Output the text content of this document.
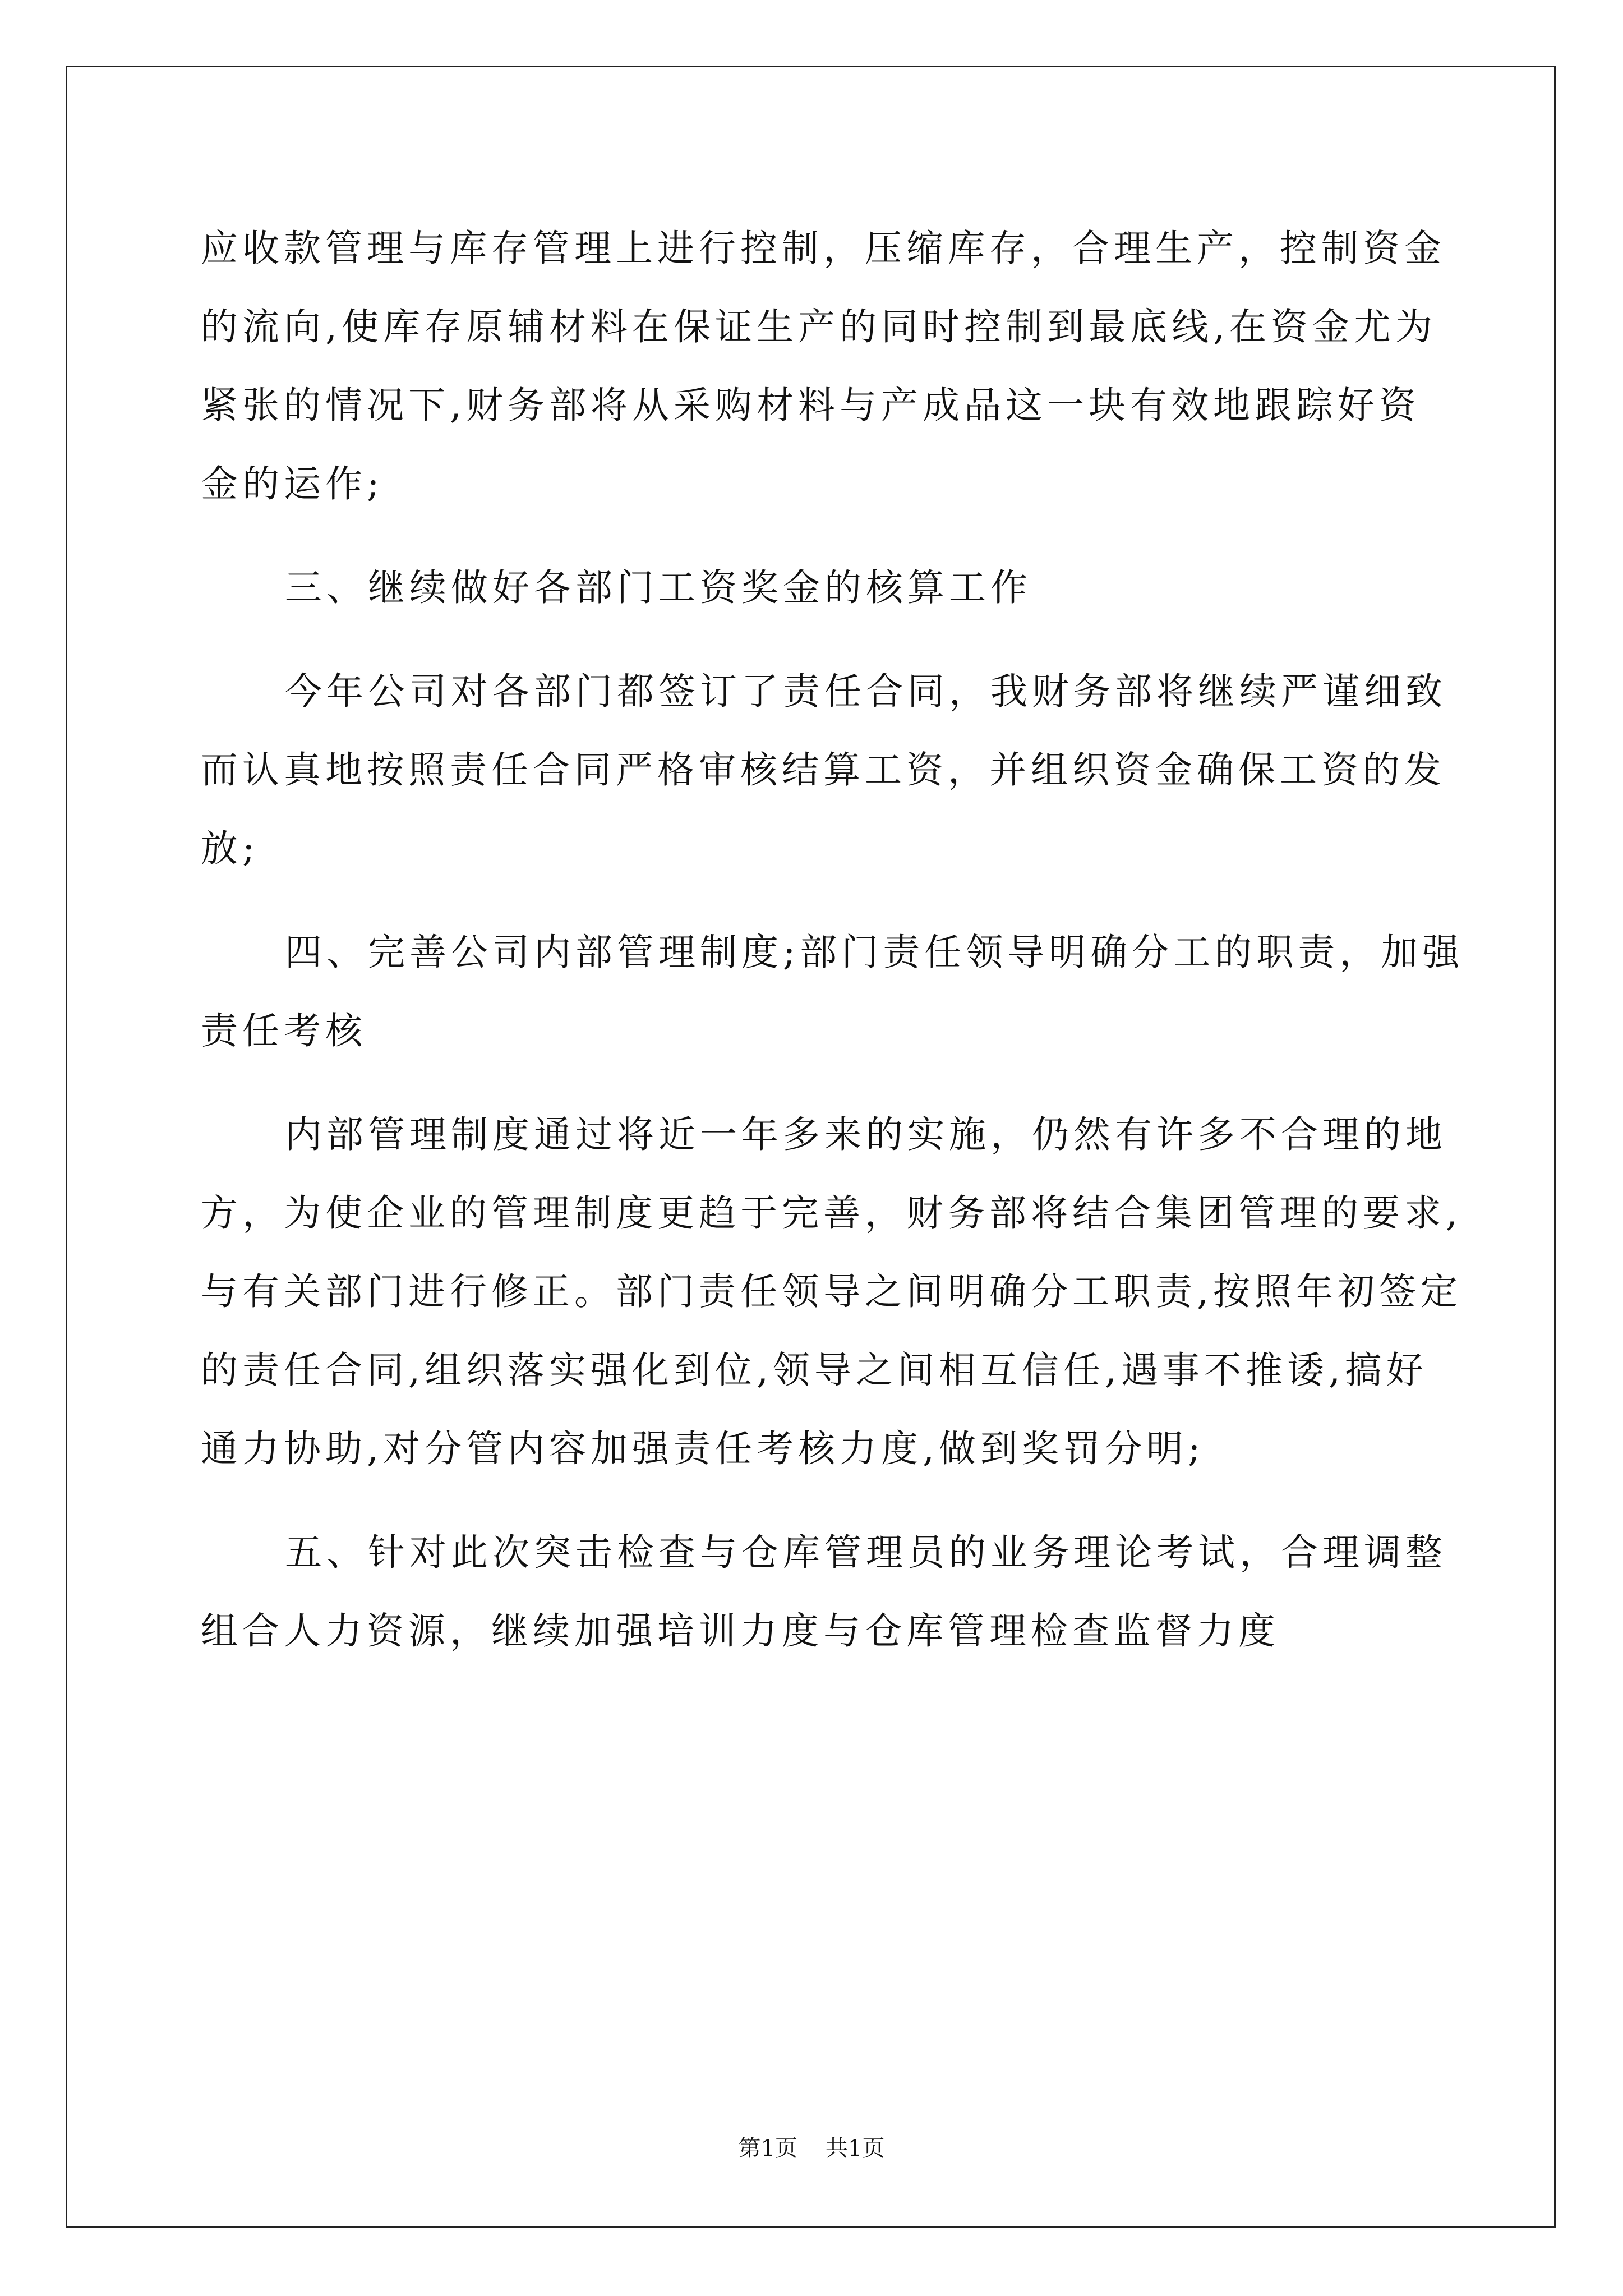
应收款管理与库存管理上进行控制，压缩库存，合理生产，控制资金
的流向,使库存原辅材料在保证生产的同时控制到最底线,在资金尤为
紧张的情况下,财务部将从采购材料与产成品这一块有效地跟踪好资
金的运作;
三、继续做好各部门工资奖金的核算工作
今年公司对各部门都签订了责任合同，我财务部将继续严谨细致
而认真地按照责任合同严格审核结算工资，并组织资金确保工资的发
放;
四、完善公司内部管理制度;部门责任领导明确分工的职责，加强
责任考核
内部管理制度通过将近一年多来的实施，仍然有许多不合理的地
方，为使企业的管理制度更趋于完善，财务部将结合集团管理的要求,
与有关部门进行修正。部门责任领导之间明确分工职责,按照年初签定
的责任合同,组织落实强化到位,领导之间相互信任,遇事不推诿,搞好
通力协助,对分管内容加强责任考核力度,做到奖罚分明;
五、针对此次突击检查与仓库管理员的业务理论考试，合理调整
组合人力资源，继续加强培训力度与仓库管理检查监督力度
第1页 共1页
